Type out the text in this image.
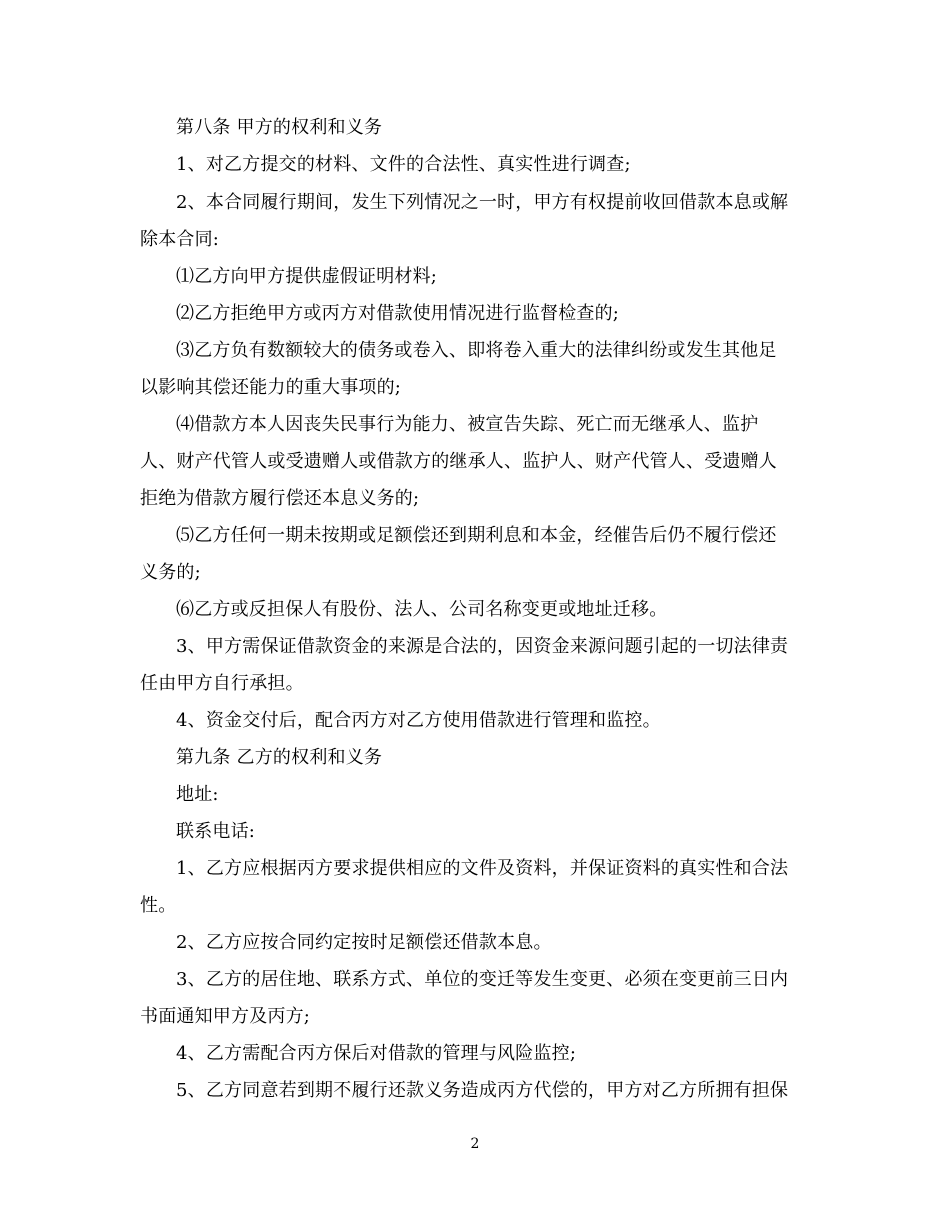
第八条 甲方的权利和义务
1、对乙方提交的材料、文件的合法性、真实性进行调查;
2、本合同履行期间，发生下列情况之一时，甲方有权提前收回借款本息或解
除本合同:
⑴乙方向甲方提供虚假证明材料;
⑵乙方拒绝甲方或丙方对借款使用情况进行监督检查的;
⑶乙方负有数额较大的债务或卷入、即将卷入重大的法律纠纷或发生其他足
以影响其偿还能力的重大事项的;
⑷借款方本人因丧失民事行为能力、被宣告失踪、死亡而无继承人、监护
人、财产代管人或受遗赠人或借款方的继承人、监护人、财产代管人、受遗赠人
拒绝为借款方履行偿还本息义务的;
⑸乙方任何一期未按期或足额偿还到期利息和本金，经催告后仍不履行偿还
义务的;
⑹乙方或反担保人有股份、法人、公司名称变更或地址迁移。
3、甲方需保证借款资金的来源是合法的，因资金来源问题引起的一切法律责
任由甲方自行承担。
4、资金交付后，配合丙方对乙方使用借款进行管理和监控。
第九条 乙方的权利和义务
地址:
联系电话:
1、乙方应根据丙方要求提供相应的文件及资料，并保证资料的真实性和合法
性。
2、乙方应按合同约定按时足额偿还借款本息。
3、乙方的居住地、联系方式、单位的变迁等发生变更、必须在变更前三日内
书面通知甲方及丙方;
4、乙方需配合丙方保后对借款的管理与风险监控;
5、乙方同意若到期不履行还款义务造成丙方代偿的，甲方对乙方所拥有担保
2
